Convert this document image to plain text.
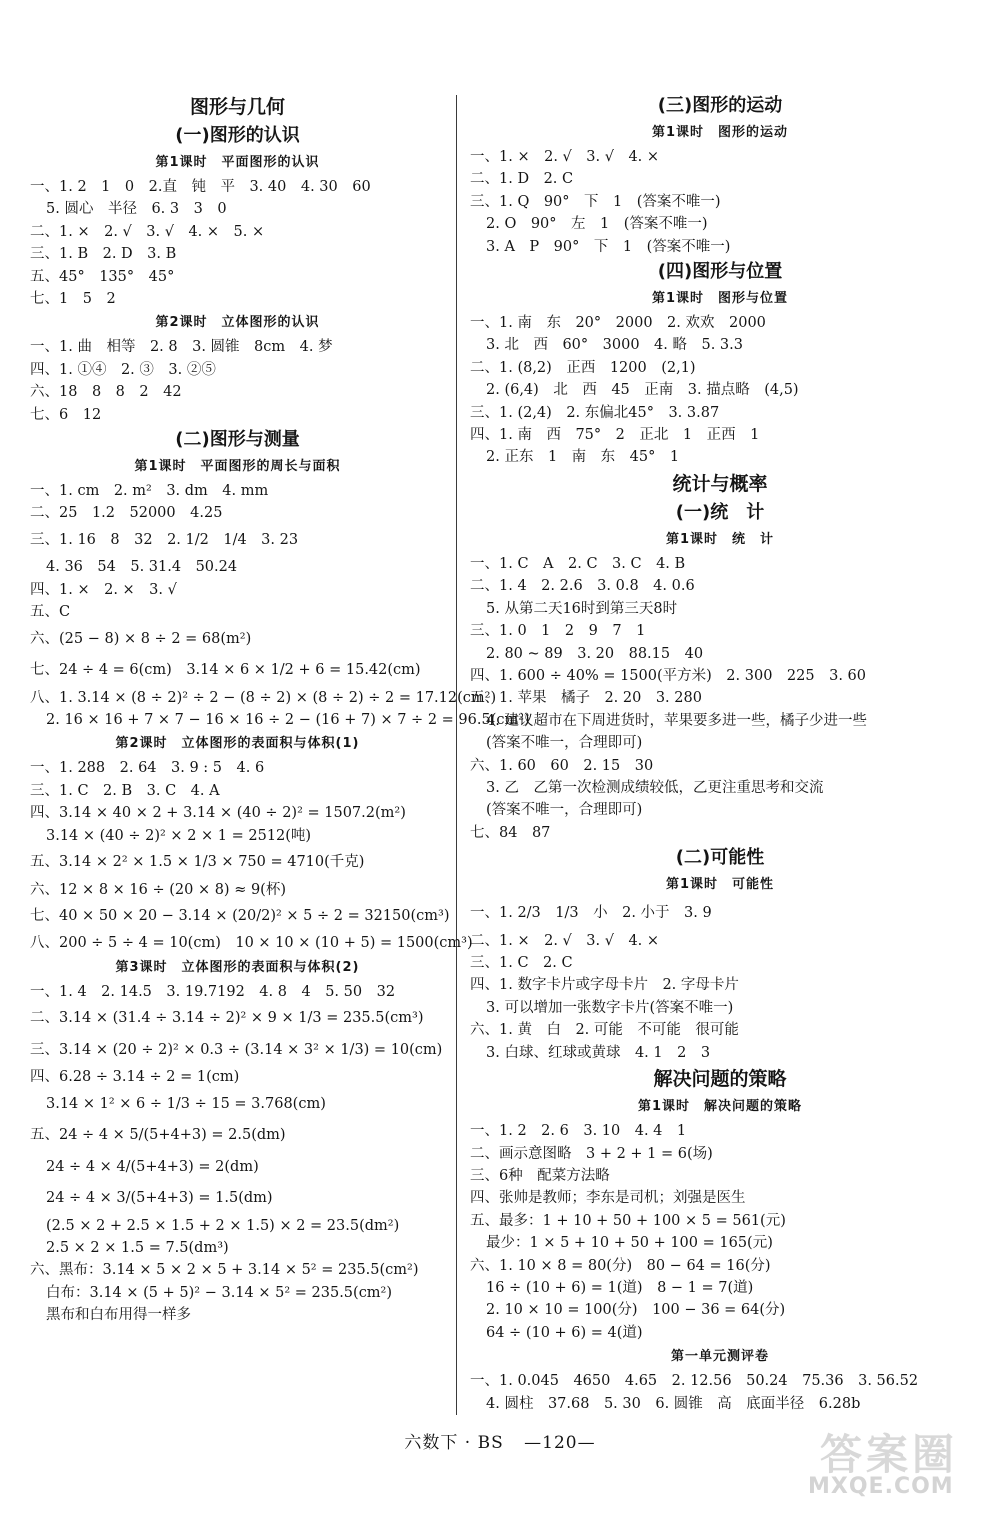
图形与几何

(一)图形的认识

第1课时　平面图形的认识

一、1. 2　1　0　2.直　钝　平　3. 40　4. 30　60

5. 圆心　半径　6. 3　3　0

二、1. ×　2. √　3. √　4. ×　5. ×

三、1. B　2. D　3. B

五、45°　135°　45°

七、1　5　2

第2课时　立体图形的认识

一、1. 曲　相等　2. 8　3. 圆锥　8cm　4. 梦

四、1. ①④　2. ③　3. ②⑤

六、18　8　8　2　42

七、6　12

(二)图形与测量

第1课时　平面图形的周长与面积

一、1. cm　2. m²　3. dm　4. mm

二、25　1.2　52000　4.25

三、1. 16　8　32　2. 1/2　1/4　3. 23

4. 36　54　5. 31.4　50.24

四、1. ×　2. ×　3. √

五、C

六、(25 − 8) × 8 ÷ 2 = 68(m²)

七、24 ÷ 4 = 6(cm)　3.14 × 6 × 1/2 + 6 = 15.42(cm)

八、1. 3.14 × (8 ÷ 2)² ÷ 2 − (8 ÷ 2) × (8 ÷ 2) ÷ 2 = 17.12(cm²)

2. 16 × 16 + 7 × 7 − 16 × 16 ÷ 2 − (16 + 7) × 7 ÷ 2 = 96.5(cm²)

第2课时　立体图形的表面积与体积(1)

一、1. 288　2. 64　3. 9 : 5　4. 6

三、1. C　2. B　3. C　4. A

四、3.14 × 40 × 2 + 3.14 × (40 ÷ 2)² = 1507.2(m²)

3.14 × (40 ÷ 2)² × 2 × 1 = 2512(吨)

五、3.14 × 2² × 1.5 × 1/3 × 750 = 4710(千克)

六、12 × 8 × 16 ÷ (20 × 8) ≈ 9(杯)

七、40 × 50 × 20 − 3.14 × (20/2)² × 5 ÷ 2 = 32150(cm³)

八、200 ÷ 5 ÷ 4 = 10(cm)　10 × 10 × (10 + 5) = 1500(cm³)

第3课时　立体图形的表面积与体积(2)

一、1. 4　2. 14.5　3. 19.7192　4. 8　4　5. 50　32

二、3.14 × (31.4 ÷ 3.14 ÷ 2)² × 9 × 1/3 = 235.5(cm³)

三、3.14 × (20 ÷ 2)² × 0.3 ÷ (3.14 × 3² × 1/3) = 10(cm)

四、6.28 ÷ 3.14 ÷ 2 = 1(cm)

3.14 × 1² × 6 ÷ 1/3 ÷ 15 = 3.768(cm)

五、24 ÷ 4 × 5/(5+4+3) = 2.5(dm)

24 ÷ 4 × 4/(5+4+3) = 2(dm)

24 ÷ 4 × 3/(5+4+3) = 1.5(dm)

(2.5 × 2 + 2.5 × 1.5 + 2 × 1.5) × 2 = 23.5(dm²)

2.5 × 2 × 1.5 = 7.5(dm³)

六、黑布：3.14 × 5 × 2 × 5 + 3.14 × 5² = 235.5(cm²)

白布：3.14 × (5 + 5)² − 3.14 × 5² = 235.5(cm²)

黑布和白布用得一样多

(三)图形的运动

第1课时　图形的运动

一、1. ×　2. √　3. √　4. ×

二、1. D　2. C

三、1. Q　90°　下　1　(答案不唯一)

2. O　90°　左　1　(答案不唯一)

3. A　P　90°　下　1　(答案不唯一)

(四)图形与位置

第1课时　图形与位置

一、1. 南　东　20°　2000　2. 欢欢　2000

3. 北　西　60°　3000　4. 略　5. 3.3

二、1. (8,2)　正西　1200　(2,1)

2. (6,4)　北　西　45　正南　3. 描点略　(4,5)

三、1. (2,4)　2. 东偏北45°　3. 3.87

四、1. 南　西　75°　2　正北　1　正西　1

2. 正东　1　南　东　45°　1

统计与概率

(一)统　计

第1课时　统　计

一、1. C　A　2. C　3. C　4. B

二、1. 4　2. 2.6　3. 0.8　4. 0.6

5. 从第二天16时到第三天8时

三、1. 0　1　2　9　7　1

2. 80 ~ 89　3. 20　88.15　40

四、1. 600 ÷ 40% = 1500(平方米)　2. 300　225　3. 60

五、1. 苹果　橘子　2. 20　3. 280

4. 建议超市在下周进货时，苹果要多进一些，橘子少进一些

(答案不唯一，合理即可)

六、1. 60　60　2. 15　30

3. 乙　乙第一次检测成绩较低，乙更注重思考和交流

(答案不唯一，合理即可)

七、84　87

(二)可能性

第1课时　可能性

一、1. 2/3　1/3　小　2. 小于　3. 9

二、1. ×　2. √　3. √　4. ×

三、1. C　2. C

四、1. 数字卡片或字母卡片　2. 字母卡片

3. 可以增加一张数字卡片(答案不唯一)

六、1. 黄　白　2. 可能　不可能　很可能

3. 白球、红球或黄球　4. 1　2　3

解决问题的策略

第1课时　解决问题的策略

一、1. 2　2. 6　3. 10　4. 4　1

二、画示意图略　3 + 2 + 1 = 6(场)

三、6种　配菜方法略

四、张帅是教师；李东是司机；刘强是医生

五、最多：1 + 10 + 50 + 100 × 5 = 561(元)

最少：1 × 5 + 10 + 50 + 100 = 165(元)

六、1. 10 × 8 = 80(分)　80 − 64 = 16(分)

16 ÷ (10 + 6) = 1(道)　8 − 1 = 7(道)

2. 10 × 10 = 100(分)　100 − 36 = 64(分)

64 ÷ (10 + 6) = 4(道)

第一单元测评卷

一、1. 0.045　4650　4.65　2. 12.56　50.24　75.36　3. 56.52

4. 圆柱　37.68　5. 30　6. 圆锥　高　底面半径　6.28b

六数下 · BS —120—	答案圈
MXQE.COM
